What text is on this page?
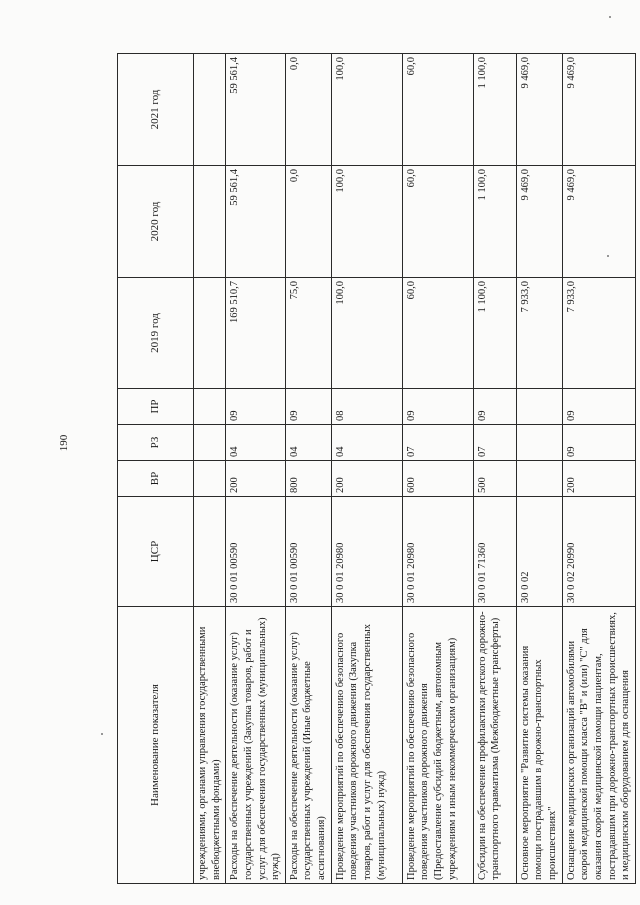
190
Наименование показателя	ЦСР	ВР	РЗ	ПР	2019 год	2020 год	2021 год
учреждениями, органами управления государственными внебюджетными фондами)							
Расходы на обеспечение деятельности (оказание услуг) государственных учреждений (Закупка товаров, работ и услуг для обеспечения государственных (муниципальных) нужд)	30 0 01 00590	200	04	09	169 510,7	59 561,4	59 561,4
Расходы на обеспечение деятельности (оказание услуг) государственных учреждений (Иные бюджетные ассигнования)	30 0 01 00590	800	04	09	75,0	0,0	0,0
Проведение мероприятий по обеспечению безопасного поведения участников дорожного движения (Закупка товаров, работ и услуг для обеспечения государственных (муниципальных) нужд)	30 0 01 20980	200	04	08	100,0	100,0	100,0
Проведение мероприятий по обеспечению безопасного поведения участников дорожного движения (Предоставление субсидий бюджетным, автономным учреждениям и иным некоммерческим организациям)	30 0 01 20980	600	07	09	60,0	60,0	60,0
Субсидии на обеспечение профилактики детского дорожно-транспортного травматизма (Межбюджетные трансферты)	30 0 01 71360	500	07	09	1 100,0	1 100,0	1 100,0
Основное мероприятие "Развитие системы оказания помощи пострадавшим в дорожно-транспортных происшествиях"	30 0 02				7 933,0	9 469,0	9 469,0
Оснащение медицинских организаций автомобилями скорой медицинской помощи класса "В" и (или) "С" для оказания скорой медицинской помощи пациентам, пострадавшим при дорожно-транспортных происшествиях, и медицинским оборудованием для оснащения	30 0 02 20990	200	09	09	7 933,0	9 469,0	9 469,0
